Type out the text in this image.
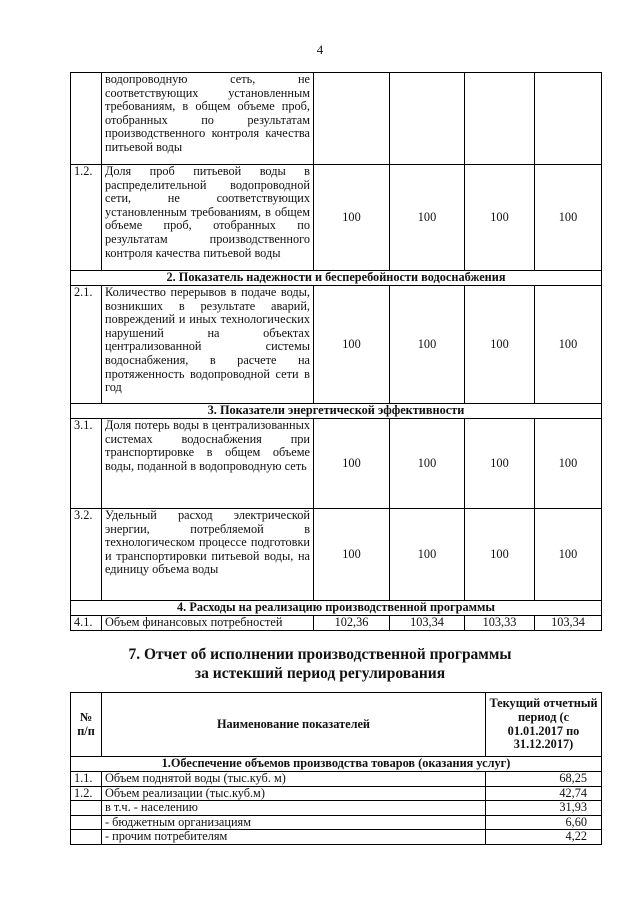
4
	водопроводную сеть, не соответствующих установленным требованиям, в общем объеме проб, отобранных по результатам производственного контроля качества питьевой воды				
1.2.	Доля проб питьевой воды в распределительной водопроводной сети, не соответствующих установленным требованиям, в общем объеме проб, отобранных по результатам производственного контроля качества питьевой воды	100	100	100	100
2. Показатель надежности и бесперебойности водоснабжения					
2.1.	Количество перерывов в подаче воды, возникших в результате аварий, повреждений и иных технологических нарушений на объектах централизованной системы водоснабжения, в расчете на протяженность водопроводной сети в год	100	100	100	100
3. Показатели энергетической эффективности					
3.1.	Доля потерь воды в централизованных системах водоснабжения при транспортировке в общем объеме воды, поданной в водопроводную сеть	100	100	100	100
3.2.	Удельный расход электрической энергии, потребляемой в технологическом процессе подготовки и транспортировки питьевой воды, на единицу объема воды	100	100	100	100
4. Расходы на реализацию производственной программы					
4.1.	Объем финансовых потребностей	102,36	103,34	103,33	103,34
7. Отчет об исполнении производственной программы
за истекший период регулирования
№ п/п	Наименование показателей	Текущий отчетный период (с 01.01.2017 по 31.12.2017)
1.Обеспечение объемов производства товаров (оказания услуг)		
1.1.	Объем поднятой воды (тыс.куб. м)	68,25
1.2.	Объем реализации (тыс.куб.м)	42,74
	в т.ч. - населению	31,93
	- бюджетным организациям	6,60
	- прочим потребителям	4,22
